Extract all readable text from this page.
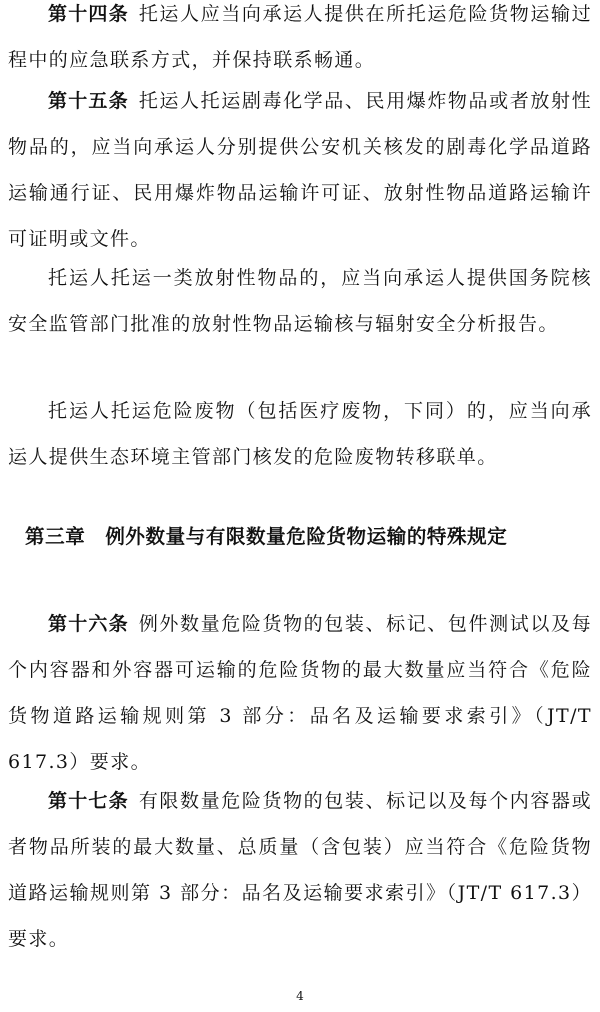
第十四条 托运人应当向承运人提供在所托运危险货物运输过程中的应急联系方式，并保持联系畅通。

第十五条 托运人托运剧毒化学品、民用爆炸物品或者放射性物品的，应当向承运人分别提供公安机关核发的剧毒化学品道路运输通行证、民用爆炸物品运输许可证、放射性物品道路运输许可证明或文件。

托运人托运一类放射性物品的，应当向承运人提供国务院核安全监管部门批准的放射性物品运输核与辐射安全分析报告。

托运人托运危险废物（包括医疗废物，下同）的，应当向承运人提供生态环境主管部门核发的危险废物转移联单。

第三章 例外数量与有限数量危险货物运输的特殊规定

第十六条 例外数量危险货物的包装、标记、包件测试以及每个内容器和外容器可运输的危险货物的最大数量应当符合《危险货物道路运输规则第 3 部分：品名及运输要求索引》（JT/T 617.3）要求。

第十七条 有限数量危险货物的包装、标记以及每个内容器或者物品所装的最大数量、总质量（含包装）应当符合《危险货物道路运输规则第 3 部分：品名及运输要求索引》（JT/T 617.3）要求。

4
